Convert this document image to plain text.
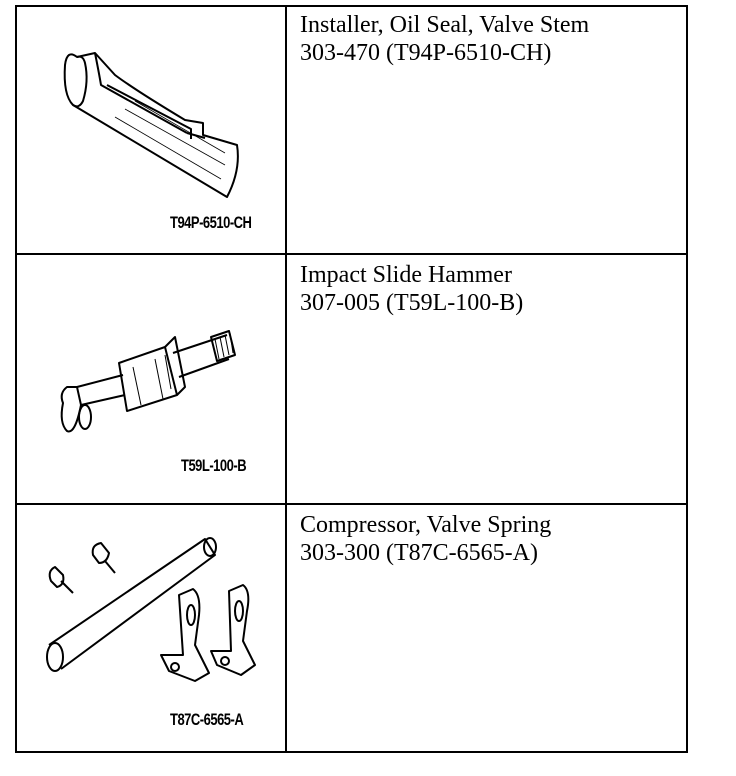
T94P-6510-CH
Installer, Oil Seal, Valve Stem
303-470 (T94P-6510-CH)
T59L-100-B
Impact Slide Hammer
307-005 (T59L-100-B)
T87C-6565-A
Compressor, Valve Spring
303-300 (T87C-6565-A)
